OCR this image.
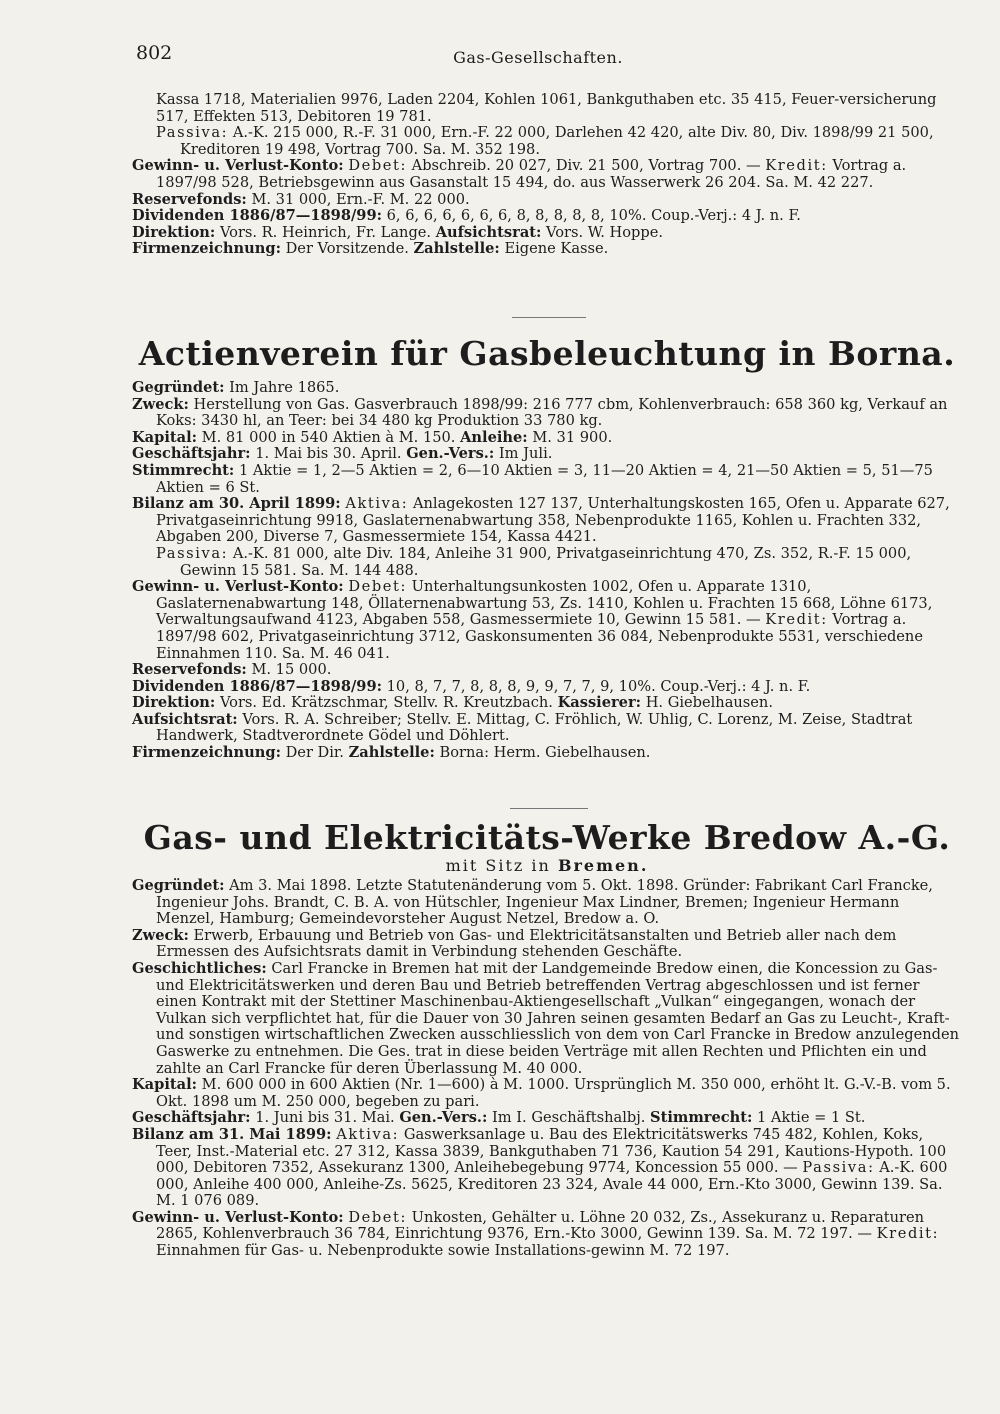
802	Gas-Gesellschaften.

Kassa 1718, Materialien 9976, Laden 2204, Kohlen 1061, Bankguthaben etc. 35 415, Feuer-versicherung 517, Effekten 513, Debitoren 19 781.

Passiva: A.-K. 215 000, R.-F. 31 000, Ern.-F. 22 000, Darlehen 42 420, alte Div. 80, Div. 1898/99 21 500, Kreditoren 19 498, Vortrag 700. Sa. M. 352 198.

Gewinn- u. Verlust-Konto: Debet: Abschreib. 20 027, Div. 21 500, Vortrag 700. — Kredit: Vortrag a. 1897/98 528, Betriebsgewinn aus Gasanstalt 15 494, do. aus Wasserwerk 26 204. Sa. M. 42 227.

Reservefonds: M. 31 000, Ern.-F. M. 22 000.

Dividenden 1886/87—1898/99: 6, 6, 6, 6, 6, 6, 6, 8, 8, 8, 8, 8, 10%. Coup.-Verj.: 4 J. n. F.

Direktion: Vors. R. Heinrich, Fr. Lange. Aufsichtsrat: Vors. W. Hoppe.

Firmenzeichnung: Der Vorsitzende. Zahlstelle: Eigene Kasse.

Actienverein für Gasbeleuchtung in Borna.

Gegründet: Im Jahre 1865.

Zweck: Herstellung von Gas. Gasverbrauch 1898/99: 216 777 cbm, Kohlenverbrauch: 658 360 kg, Verkauf an Koks: 3430 hl, an Teer: bei 34 480 kg Produktion 33 780 kg.

Kapital: M. 81 000 in 540 Aktien à M. 150. Anleihe: M. 31 900.

Geschäftsjahr: 1. Mai bis 30. April. Gen.-Vers.: Im Juli.

Stimmrecht: 1 Aktie = 1, 2—5 Aktien = 2, 6—10 Aktien = 3, 11—20 Aktien = 4, 21—50 Aktien = 5, 51—75 Aktien = 6 St.

Bilanz am 30. April 1899: Aktiva: Anlagekosten 127 137, Unterhaltungskosten 165, Ofen u. Apparate 627, Privatgaseinrichtung 9918, Gaslaternenabwartung 358, Nebenprodukte 1165, Kohlen u. Frachten 332, Abgaben 200, Diverse 7, Gasmessermiete 154, Kassa 4421.

Passiva: A.-K. 81 000, alte Div. 184, Anleihe 31 900, Privatgaseinrichtung 470, Zs. 352, R.-F. 15 000, Gewinn 15 581. Sa. M. 144 488.

Gewinn- u. Verlust-Konto: Debet: Unterhaltungsunkosten 1002, Ofen u. Apparate 1310, Gaslaternenabwartung 148, Öllaternenabwartung 53, Zs. 1410, Kohlen u. Frachten 15 668, Löhne 6173, Verwaltungsaufwand 4123, Abgaben 558, Gasmessermiete 10, Gewinn 15 581. — Kredit: Vortrag a. 1897/98 602, Privatgaseinrichtung 3712, Gaskonsumenten 36 084, Nebenprodukte 5531, verschiedene Einnahmen 110. Sa. M. 46 041.

Reservefonds: M. 15 000.

Dividenden 1886/87—1898/99: 10, 8, 7, 7, 8, 8, 8, 9, 9, 7, 7, 9, 10%. Coup.-Verj.: 4 J. n. F.

Direktion: Vors. Ed. Krätzschmar, Stellv. R. Kreutzbach. Kassierer: H. Giebelhausen.

Aufsichtsrat: Vors. R. A. Schreiber; Stellv. E. Mittag, C. Fröhlich, W. Uhlig, C. Lorenz, M. Zeise, Stadtrat Handwerk, Stadtverordnete Gödel und Döhlert.

Firmenzeichnung: Der Dir. Zahlstelle: Borna: Herm. Giebelhausen.

Gas- und Elektricitäts-Werke Bredow A.-G.
mit Sitz in Bremen.

Gegründet: Am 3. Mai 1898. Letzte Statutenänderung vom 5. Okt. 1898. Gründer: Fabrikant Carl Francke, Ingenieur Johs. Brandt, C. B. A. von Hütschler, Ingenieur Max Lindner, Bremen; Ingenieur Hermann Menzel, Hamburg; Gemeindevorsteher August Netzel, Bredow a. O.

Zweck: Erwerb, Erbauung und Betrieb von Gas- und Elektricitätsanstalten und Betrieb aller nach dem Ermessen des Aufsichtsrats damit in Verbindung stehenden Geschäfte.

Geschichtliches: Carl Francke in Bremen hat mit der Landgemeinde Bredow einen, die Koncession zu Gas- und Elektricitätswerken und deren Bau und Betrieb betreffenden Vertrag abgeschlossen und ist ferner einen Kontrakt mit der Stettiner Maschinenbau-Aktiengesellschaft „Vulkan“ eingegangen, wonach der Vulkan sich verpflichtet hat, für die Dauer von 30 Jahren seinen gesamten Bedarf an Gas zu Leucht-, Kraft- und sonstigen wirtschaftlichen Zwecken ausschliesslich von dem von Carl Francke in Bredow anzulegenden Gaswerke zu entnehmen. Die Ges. trat in diese beiden Verträge mit allen Rechten und Pflichten ein und zahlte an Carl Francke für deren Überlassung M. 40 000.

Kapital: M. 600 000 in 600 Aktien (Nr. 1—600) à M. 1000. Ursprünglich M. 350 000, erhöht lt. G.-V.-B. vom 5. Okt. 1898 um M. 250 000, begeben zu pari.

Geschäftsjahr: 1. Juni bis 31. Mai. Gen.-Vers.: Im I. Geschäftshalbj. Stimmrecht: 1 Aktie = 1 St.

Bilanz am 31. Mai 1899: Aktiva: Gaswerksanlage u. Bau des Elektricitätswerks 745 482, Kohlen, Koks, Teer, Inst.-Material etc. 27 312, Kassa 3839, Bankguthaben 71 736, Kaution 54 291, Kautions-Hypoth. 100 000, Debitoren 7352, Assekuranz 1300, Anleihebegebung 9774, Koncession 55 000. — Passiva: A.-K. 600 000, Anleihe 400 000, Anleihe-Zs. 5625, Kreditoren 23 324, Avale 44 000, Ern.-Kto 3000, Gewinn 139. Sa. M. 1 076 089.

Gewinn- u. Verlust-Konto: Debet: Unkosten, Gehälter u. Löhne 20 032, Zs., Assekuranz u. Reparaturen 2865, Kohlenverbrauch 36 784, Einrichtung 9376, Ern.-Kto 3000, Gewinn 139. Sa. M. 72 197. — Kredit: Einnahmen für Gas- u. Nebenprodukte sowie Installations-gewinn M. 72 197.
